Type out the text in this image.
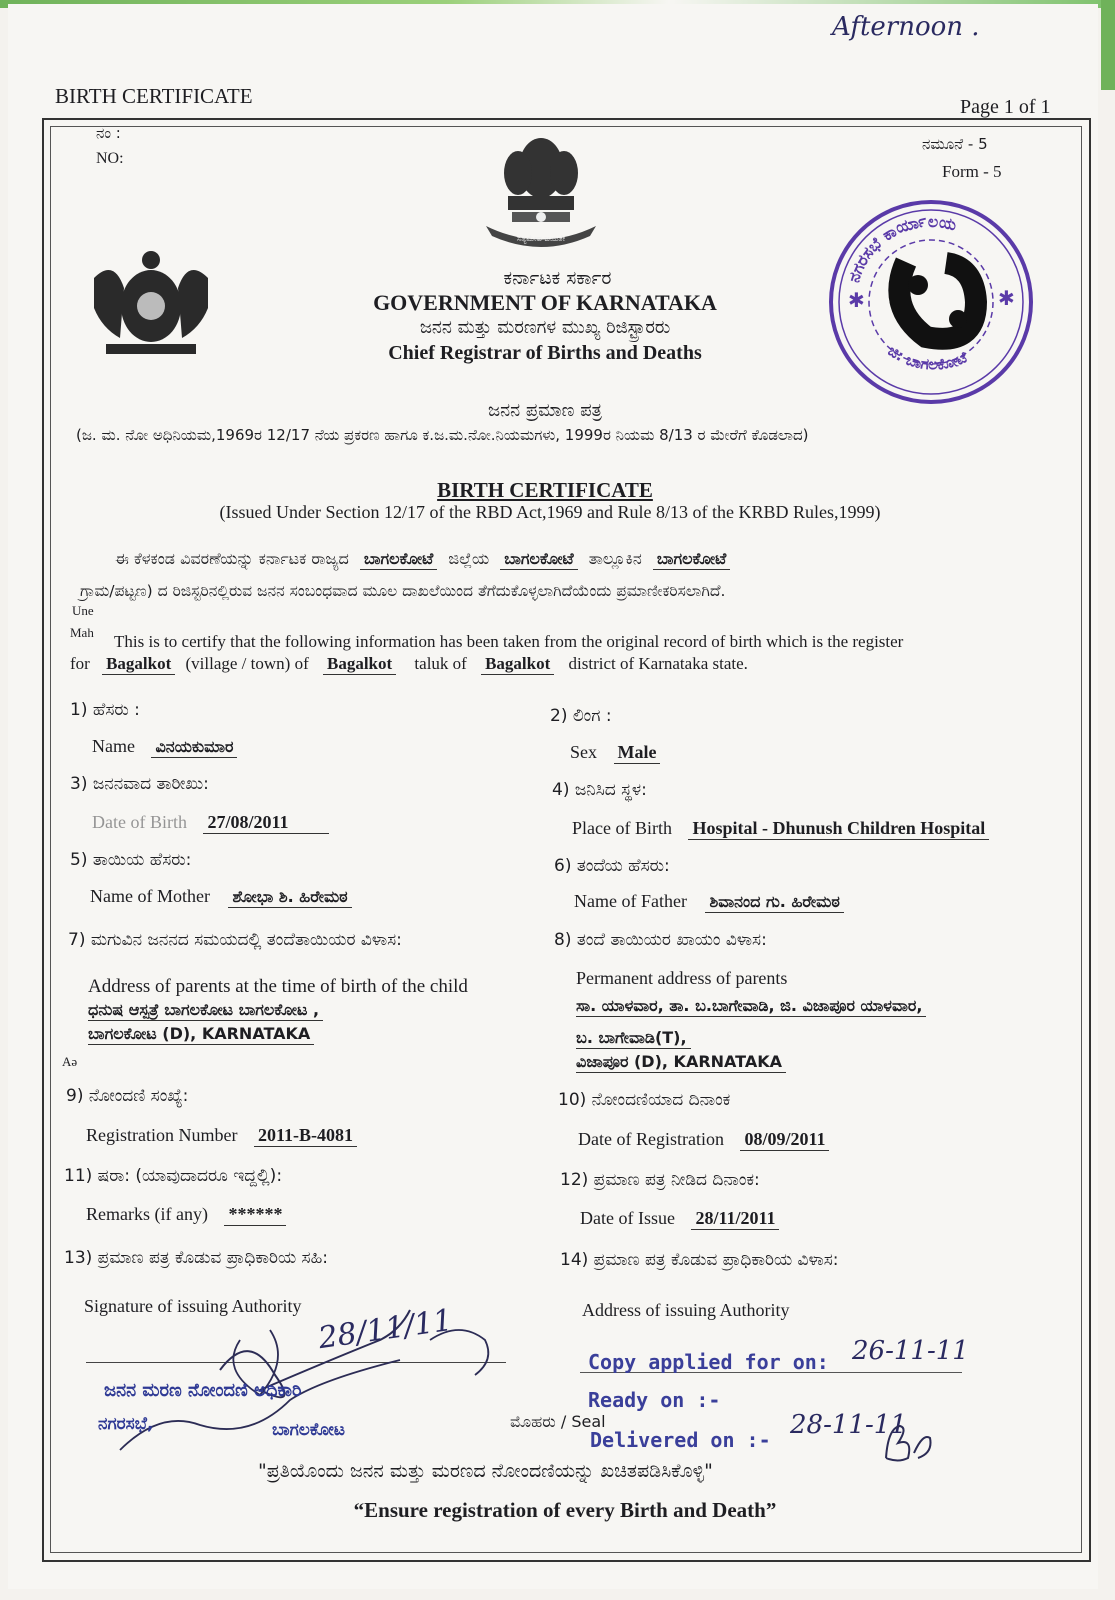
Afternoon .
BIRTH CERTIFICATE	Page 1 of 1
ನಂ :
NO:
ನಮೂನೆ - 5
Form - 5
ಸತ್ಯಮೇವ ಜಯತೇ
ಕರ್ನಾಟಕ ಸರ್ಕಾರ
GOVERNMENT OF KARNATAKA
ಜನನ ಮತ್ತು ಮರಣಗಳ ಮುಖ್ಯ ರಿಜಿಸ್ಟ್ರಾರರು
Chief Registrar of Births and Deaths
✱	✱
ನಗರಸಭೆ ಕಾರ್ಯಾಲಯ
ಜಿ: ಬಾಗಲಕೋಟೆ
ಜನನ ಪ್ರಮಾಣ ಪತ್ರ
(ಜ. ಮ. ನೋ ಅಧಿನಿಯಮ,1969ರ 12/17 ನೆಯ ಪ್ರಕರಣ ಹಾಗೂ ಕ.ಜ.ಮ.ನೋ.ನಿಯಮಗಳು, 1999ರ ನಿಯಮ 8/13 ರ ಮೇರೆಗೆ ಕೊಡಲಾದ)
BIRTH CERTIFICATE
(Issued Under Section 12/17 of the RBD Act,1969 and Rule 8/13 of the KRBD Rules,1999)
ಈ ಕೆಳಕಂಡ ವಿವರಣೆಯನ್ನು ಕರ್ನಾಟಕ ರಾಜ್ಯದ ಬಾಗಲಕೋಟೆ ಜಿಲ್ಲೆಯ ಬಾಗಲಕೋಟೆ ತಾಲ್ಲೂಕಿನ ಬಾಗಲಕೋಟೆ
ಗ್ರಾಮ/ಪಟ್ಟಣ) ದ ರಿಜಿಸ್ಟರಿನಲ್ಲಿರುವ ಜನನ ಸಂಬಂಧವಾದ ಮೂಲ ದಾಖಲೆಯಿಂದ ತೆಗೆದುಕೊಳ್ಳಲಾಗಿದೆಯೆಂದು ಪ್ರಮಾಣೀಕರಿಸಲಾಗಿದೆ.
Une
Mah
Aə
This is to certify that the following information has been taken from the original record of birth which is the register
for Bagalkot (village / town) of Bagalkot taluk of Bagalkot district of Karnataka state.
1) ಹೆಸರು :
Name ವಿನಯಕುಮಾರ
2) ಲಿಂಗ :
Sex Male
3) ಜನನವಾದ ತಾರೀಖು:
Date of Birth 27/08/2011
4) ಜನಿಸಿದ ಸ್ಥಳ:
Place of Birth Hospital - Dhunush Children Hospital
5) ತಾಯಿಯ ಹೆಸರು:
Name of Mother ಶೋಭಾ ಶಿ. ಹಿರೇಮಠ
6) ತಂದೆಯ ಹೆಸರು:
Name of Father ಶಿವಾನಂದ ಗು. ಹಿರೇಮಠ
7) ಮಗುವಿನ ಜನನದ ಸಮಯದಲ್ಲಿ ತಂದೆತಾಯಿಯರ ವಿಳಾಸ:
Address of parents at the time of birth of the child
ಧನುಷ ಆಸ್ಪತ್ರೆ ಬಾಗಲಕೋಟ ಬಾಗಲಕೋಟ ,
ಬಾಗಲಕೋಟ (D), KARNATAKA
8) ತಂದೆ ತಾಯಿಯರ ಖಾಯಂ ವಿಳಾಸ:
Permanent address of parents
ಸಾ. ಯಾಳವಾರ, ತಾ. ಬ.ಬಾಗೇವಾಡಿ, ಜಿ. ವಿಜಾಪೂರ ಯಾಳವಾರ,
ಬ. ಬಾಗೇವಾಡಿ(T),
ವಿಜಾಪೂರ (D), KARNATAKA
9) ನೋಂದಣಿ ಸಂಖ್ಯೆ:
Registration Number 2011-B-4081
10) ನೋಂದಣಿಯಾದ ದಿನಾಂಕ
Date of Registration 08/09/2011
11) ಷರಾ: (ಯಾವುದಾದರೂ ಇದ್ದಲ್ಲಿ):
Remarks (if any) ******
12) ಪ್ರಮಾಣ ಪತ್ರ ನೀಡಿದ ದಿನಾಂಕ:
Date of Issue 28/11/2011
13) ಪ್ರಮಾಣ ಪತ್ರ ಕೊಡುವ ಪ್ರಾಧಿಕಾರಿಯ ಸಹಿ:
Signature of issuing Authority
14) ಪ್ರಮಾಣ ಪತ್ರ ಕೊಡುವ ಪ್ರಾಧಿಕಾರಿಯ ವಿಳಾಸ:
Address of issuing Authority
28/11/11
ಜನನ ಮರಣ ನೋಂದಣಿ ಅಧಿಕಾರಿ
ನಗರಸಭೆ,	ಬಾಗಲಕೋಟ	ಮೊಹರು / Seal
Copy applied for on: 26-11-11
Ready on :-
Delivered on :- 28-11-11
"ಪ್ರತಿಯೊಂದು ಜನನ ಮತ್ತು ಮರಣದ ನೋಂದಣಿಯನ್ನು ಖಚಿತಪಡಿಸಿಕೊಳ್ಳಿ"
“Ensure registration of every Birth and Death”
